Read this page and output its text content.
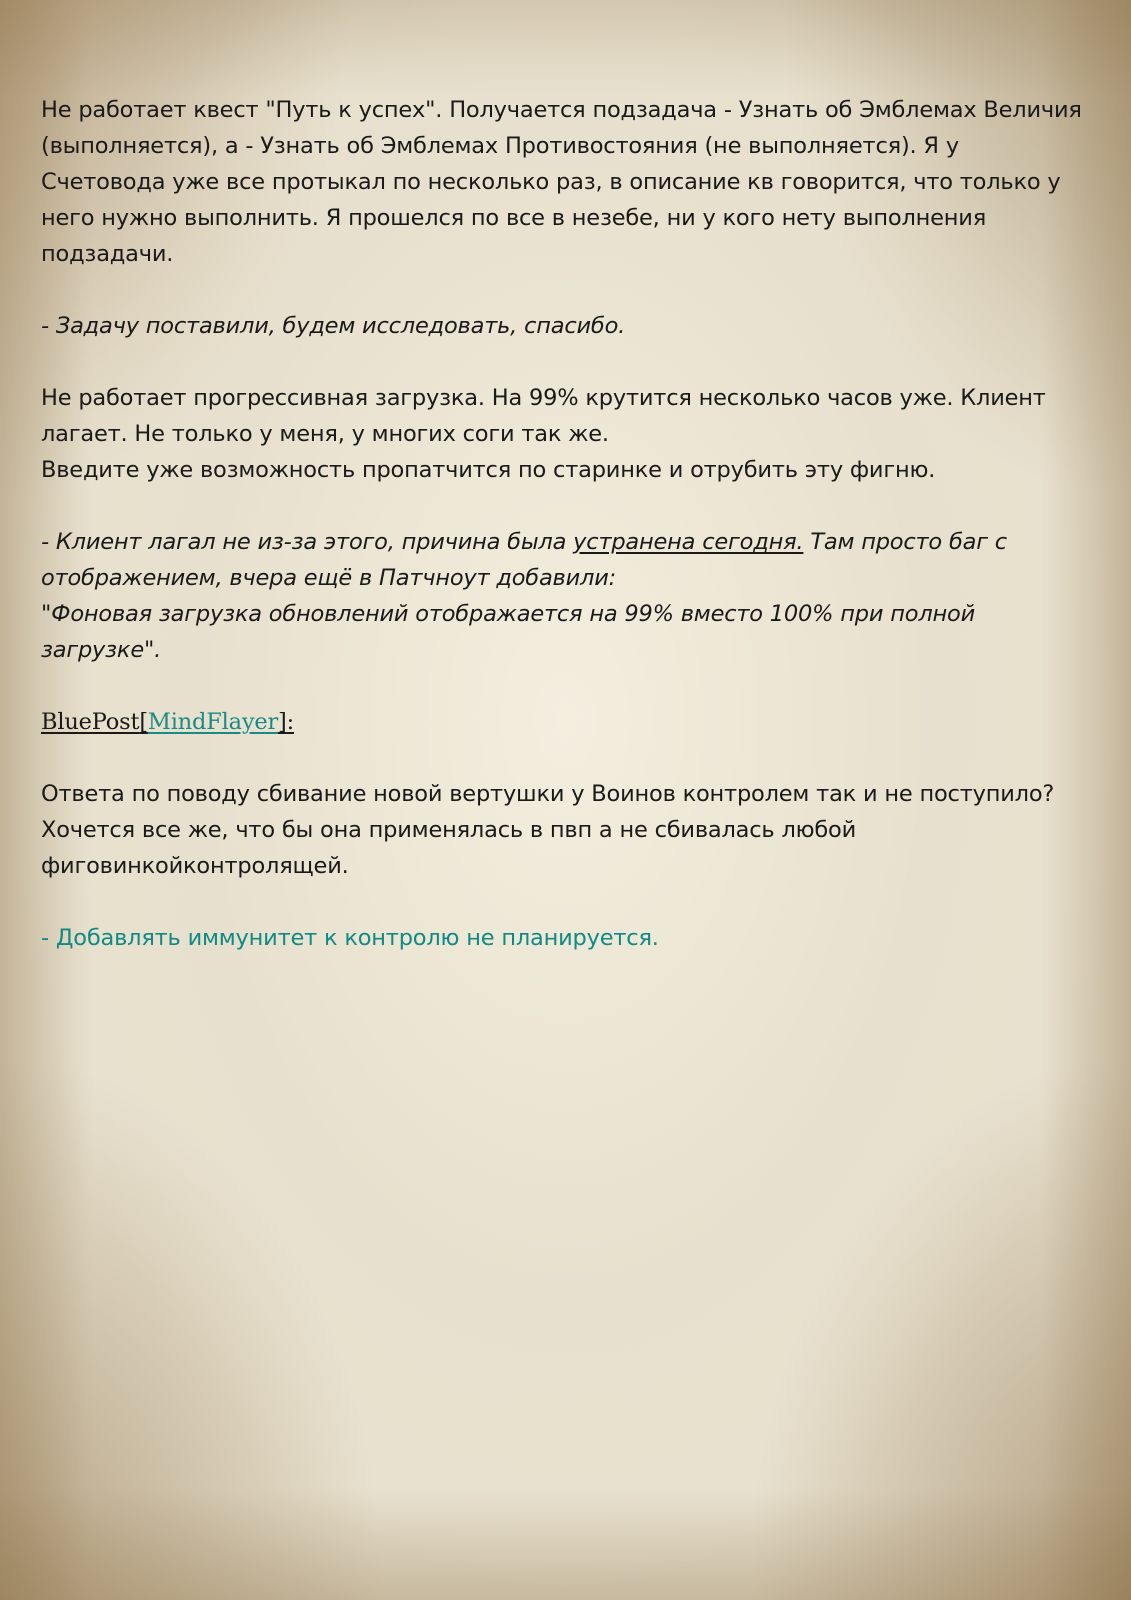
Не работает квест "Путь к успех". Получается подзадача - Узнать об Эмблемах Величия (выполняется), а - Узнать об Эмблемах Противостояния (не выполняется). Я у Счетовода уже все протыкал по несколько раз, в описание кв говорится, что только у него нужно выполнить. Я прошелся по все в незебе, ни у кого нету выполнения подзадачи.

- Задачу поставили, будем исследовать, спасибо.

Не работает прогрессивная загрузка. На 99% крутится несколько часов уже. Клиент лагает. Не только у меня, у многих соги так же.
Введите уже возможность пропатчится по старинке и отрубить эту фигню.

- Клиент лагал не из-за этого, причина была устранена сегодня. Там просто баг с отображением, вчера ещё в Патчноут добавили:
"Фоновая загрузка обновлений отображается на 99% вместо 100% при полной загрузке".

BluePost[MindFlayer]:

Ответа по поводу сбивание новой вертушки у Воинов контролем так и не поступило? Хочется все же, что бы она применялась в пвп а не сбивалась любой фиговинкойконтролящей.

- Добавлять иммунитет к контролю не планируется.
